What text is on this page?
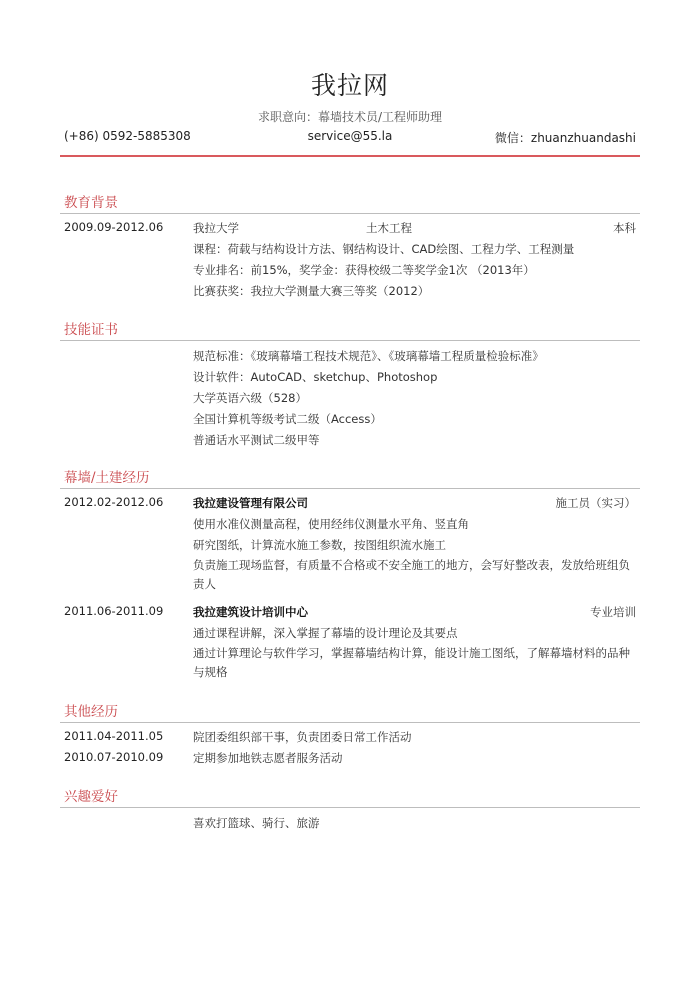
我拉网
求职意向：幕墙技术员/工程师助理
(+86) 0592-5885308	service@55.la	微信：zhuanzhuandashi
教育背景
2009.09-2012.06	我拉大学	土木工程	本科
课程：荷载与结构设计方法、钢结构设计、CAD绘图、工程力学、工程测量
专业排名：前15%，奖学金：获得校级二等奖学金1次 （2013年）
比赛获奖：我拉大学测量大赛三等奖（2012）
技能证书
规范标准：《玻璃幕墙工程技术规范》、《玻璃幕墙工程质量检验标准》
设计软件：AutoCAD、sketchup、Photoshop
大学英语六级（528）
全国计算机等级考试二级（Access）
普通话水平测试二级甲等
幕墙/土建经历
2012.02-2012.06	我拉建设管理有限公司	施工员（实习）
使用水准仪测量高程，使用经纬仪测量水平角、竖直角
研究图纸，计算流水施工参数，按图组织流水施工
负责施工现场监督，有质量不合格或不安全施工的地方，会写好整改表，发放给班组负责人
2011.06-2011.09	我拉建筑设计培训中心	专业培训
通过课程讲解，深入掌握了幕墙的设计理论及其要点
通过计算理论与软件学习，掌握幕墙结构计算，能设计施工图纸，了解幕墙材料的品种与规格
其他经历
2011.04-2011.05	院团委组织部干事，负责团委日常工作活动
2010.07-2010.09	定期参加地铁志愿者服务活动
兴趣爱好
喜欢打篮球、骑行、旅游
